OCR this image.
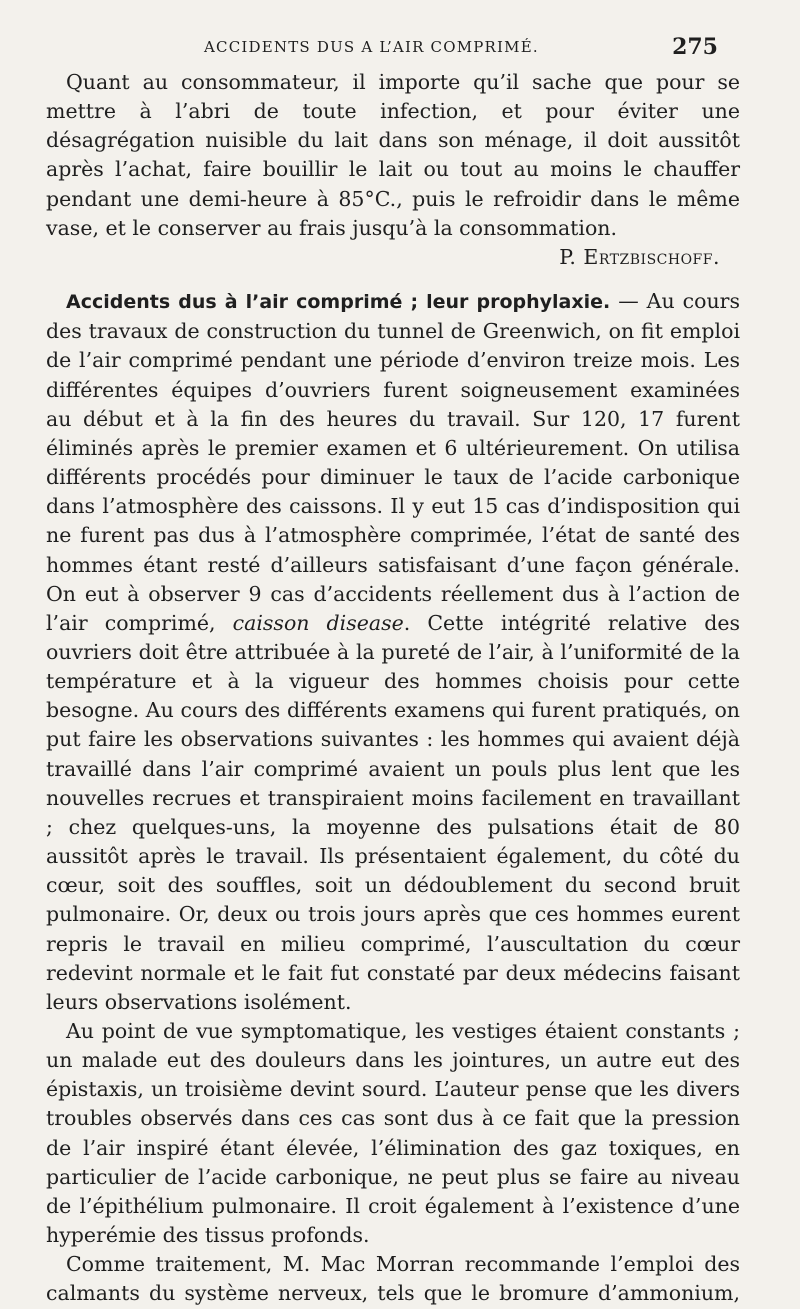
ACCIDENTS DUS A L’AIR COMPRIMÉ.	275

Quant au consommateur, il importe qu’il sache que pour se mettre à l’abri de toute infection, et pour éviter une désagrégation nuisible du lait dans son ménage, il doit aussitôt après l’achat, faire bouillir le lait ou tout au moins le chauffer pendant une demi-heure à 85°C., puis le refroidir dans le même vase, et le conserver au frais jusqu’à la consommation.

P. Ertzbischoff.

Accidents dus à l’air comprimé ; leur prophylaxie. — Au cours des travaux de construction du tunnel de Greenwich, on fit emploi de l’air comprimé pendant une période d’environ treize mois. Les différentes équipes d’ouvriers furent soigneusement examinées au début et à la fin des heures du travail. Sur 120, 17 furent éliminés après le premier examen et 6 ultérieurement. On utilisa différents procédés pour diminuer le taux de l’acide carbonique dans l’atmosphère des caissons. Il y eut 15 cas d’indisposition qui ne furent pas dus à l’atmosphère comprimée, l’état de santé des hommes étant resté d’ailleurs satisfaisant d’une façon générale. On eut à observer 9 cas d’accidents réellement dus à l’action de l’air comprimé, caisson disease. Cette intégrité relative des ouvriers doit être attribuée à la pureté de l’air, à l’uniformité de la température et à la vigueur des hommes choisis pour cette besogne. Au cours des différents examens qui furent pratiqués, on put faire les observations suivantes : les hommes qui avaient déjà travaillé dans l’air comprimé avaient un pouls plus lent que les nouvelles recrues et transpiraient moins facilement en travaillant ; chez quelques-uns, la moyenne des pulsations était de 80 aussitôt après le travail. Ils présentaient également, du côté du cœur, soit des souffles, soit un dédoublement du second bruit pulmonaire. Or, deux ou trois jours après que ces hommes eurent repris le travail en milieu comprimé, l’auscultation du cœur redevint normale et le fait fut constaté par deux médecins faisant leurs observations isolément.

Au point de vue symptomatique, les vestiges étaient constants ; un malade eut des douleurs dans les jointures, un autre eut des épistaxis, un troisième devint sourd. L’auteur pense que les divers troubles observés dans ces cas sont dus à ce fait que la pression de l’air inspiré étant élevée, l’élimination des gaz toxiques, en particulier de l’acide carbonique, ne peut plus se faire au niveau de l’épithélium pulmonaire. Il croit également à l’existence d’une hyperémie des tissus profonds.

Comme traitement, M. Mac Morran recommande l’emploi des calmants du système nerveux, tels que le bromure d’ammonium,
